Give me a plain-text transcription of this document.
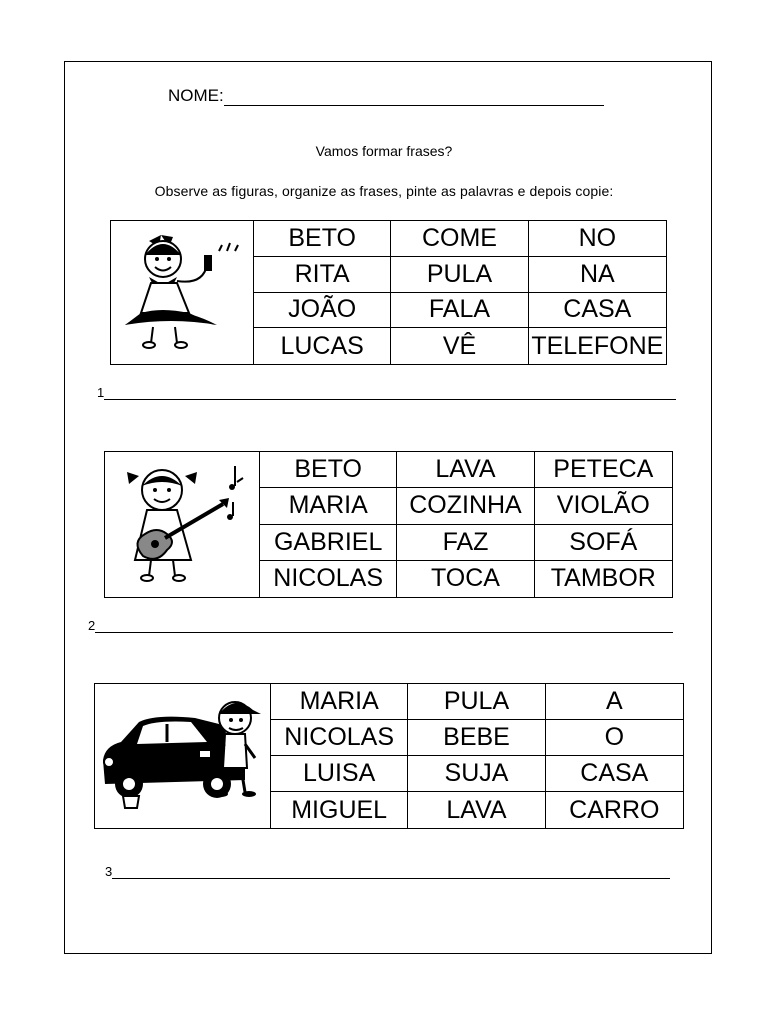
NOME:
Vamos formar frases?
Observe as figuras, organize as frases, pinte as palavras e depois copie:
BETO	COME	NO
RITA	PULA	NA
JOÃO	FALA	CASA
LUCAS	VÊ	TELEFONE
1
BETO	LAVA	PETECA
MARIA	COZINHA	VIOLÃO
GABRIEL	FAZ	SOFÁ
NICOLAS	TOCA	TAMBOR
2
MARIA	PULA	A
NICOLAS	BEBE	O
LUISA	SUJA	CASA
MIGUEL	LAVA	CARRO
3
